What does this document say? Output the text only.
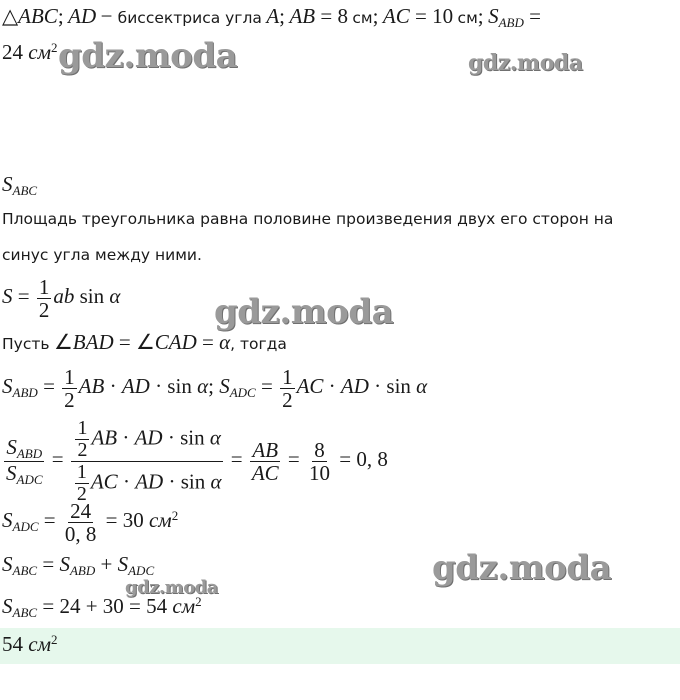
△ABC; AD − биссектриса угла A; AB = 8 см; AC = 10 см; $S_{ABD}$ =
24 $см^2$
$S_{ABC}$
Площадь треугольника равна половине произведения двух его сторон на
синус угла между ними.
$S = \frac{1}{2}$ ab sin α
Пусть ∠BAD = ∠CAD = α, тогда
$S_{ABD} = \frac{1}{2}$ AB · AD · sin α; $S_{ADC} = \frac{1}{2}$ AC · AD · sin α
$\frac{S_{ABD}}{S_{ADC}} = \frac{\frac{1}{2} AB \cdot AD \cdot \sin \alpha}{\frac{1}{2} AC \cdot AD \cdot \sin \alpha} = \frac{AB}{AC} = \frac{8}{10} = 0$, 8
$S_{ADC} = \frac{24}{0, 8} = 30$ $см^2$
$S_{ABC} = S_{ABD} + S_{ADC}$
$S_{ABC} = 24 + 30 = 54$ $см^2$
54 $см^2$
gdz.moda	gdz.moda
gdz.moda
gdz.moda
gdz.moda
